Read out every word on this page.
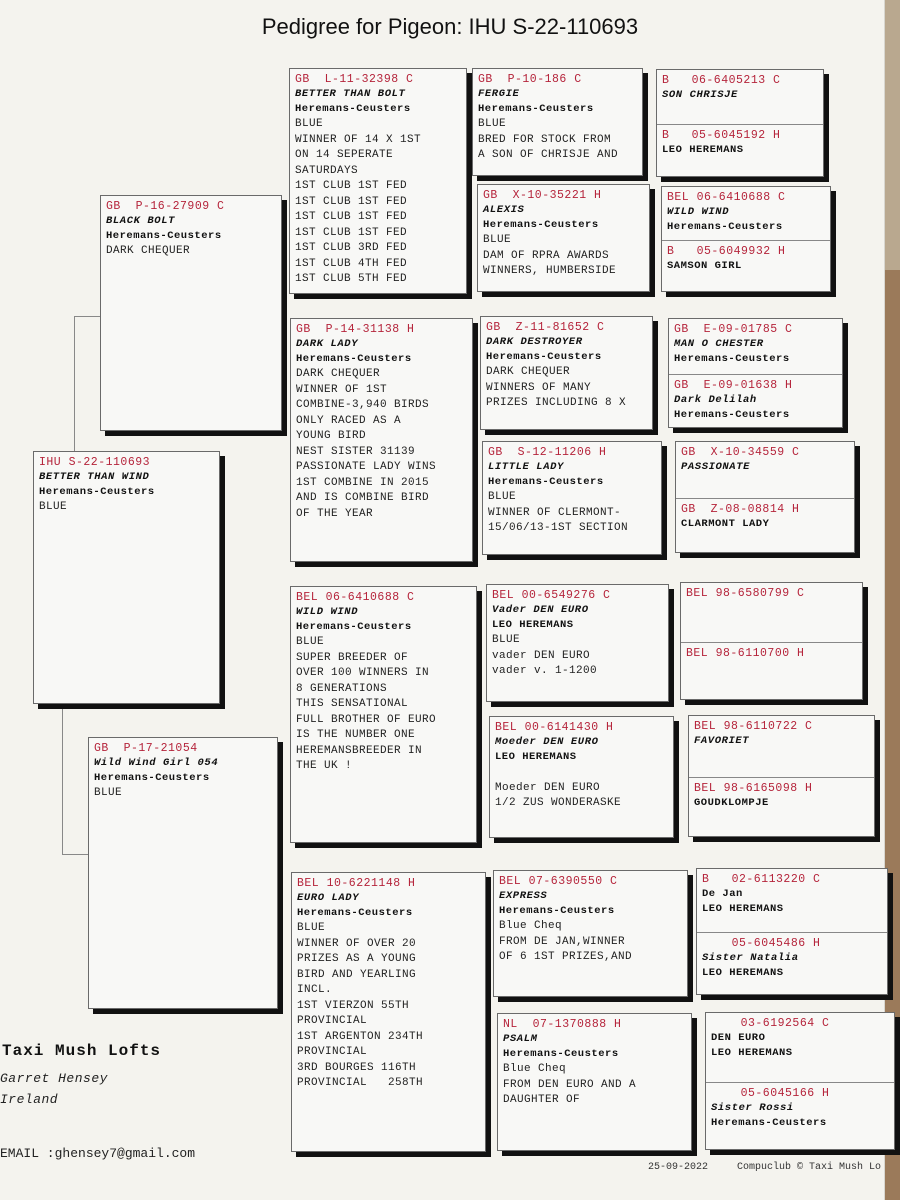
Pedigree for Pigeon: IHU S-22-110693
IHU S-22-110693
BETTER THAN WIND
Heremans-Ceusters
BLUE
GB  P-16-27909 C
BLACK BOLT
Heremans-Ceusters
DARK CHEQUER
GB  P-17-21054
Wild Wind Girl 054
Heremans-Ceusters
BLUE
GB  L-11-32398 C
BETTER THAN BOLT
Heremans-Ceusters
BLUE
WINNER OF 14 X 1ST
ON 14 SEPERATE
SATURDAYS
1ST CLUB 1ST FED
1ST CLUB 1ST FED
1ST CLUB 1ST FED
1ST CLUB 1ST FED
1ST CLUB 3RD FED
1ST CLUB 4TH FED
1ST CLUB 5TH FED
GB  P-14-31138 H
DARK LADY
Heremans-Ceusters
DARK CHEQUER
WINNER OF 1ST
COMBINE-3,940 BIRDS
ONLY RACED AS A
YOUNG BIRD
NEST SISTER 31139
PASSIONATE LADY WINS
1ST COMBINE IN 2015
AND IS COMBINE BIRD
OF THE YEAR
BEL 06-6410688 C
WILD WIND
Heremans-Ceusters
BLUE
SUPER BREEDER OF
OVER 100 WINNERS IN
8 GENERATIONS
THIS SENSATIONAL
FULL BROTHER OF EURO
IS THE NUMBER ONE
HEREMANSBREEDER IN
THE UK !
BEL 10-6221148 H
EURO LADY
Heremans-Ceusters
BLUE
WINNER OF OVER 20
PRIZES AS A YOUNG
BIRD AND YEARLING
INCL.
1ST VIERZON 55TH
PROVINCIAL
1ST ARGENTON 234TH
PROVINCIAL
3RD BOURGES 116TH
PROVINCIAL   258TH
GB  P-10-186 C
FERGIE
Heremans-Ceusters
BLUE
BRED FOR STOCK FROM
A SON OF CHRISJE AND
GB  X-10-35221 H
ALEXIS
Heremans-Ceusters
BLUE
DAM OF RPRA AWARDS
WINNERS, HUMBERSIDE
GB  Z-11-81652 C
DARK DESTROYER
Heremans-Ceusters
DARK CHEQUER
WINNERS OF MANY
PRIZES INCLUDING 8 X
GB  S-12-11206 H
LITTLE LADY
Heremans-Ceusters
BLUE
WINNER OF CLERMONT-
15/06/13-1ST SECTION
BEL 00-6549276 C
Vader DEN EURO
LEO HEREMANS
BLUE
vader DEN EURO
vader v. 1-1200
BEL 00-6141430 H
Moeder DEN EURO
LEO HEREMANS

Moeder DEN EURO
1/2 ZUS WONDERASKE
BEL 07-6390550 C
EXPRESS
Heremans-Ceusters
Blue Cheq
FROM DE JAN,WINNER
OF 6 1ST PRIZES,AND
NL  07-1370888 H
PSALM
Heremans-Ceusters
Blue Cheq
FROM DEN EURO AND A
DAUGHTER OF
B   06-6405213 C
SON CHRISJE
B   05-6045192 H
LEO HEREMANS
BEL 06-6410688 C
WILD WIND
Heremans-Ceusters
B   05-6049932 H
SAMSON GIRL
GB  E-09-01785 C
MAN O CHESTER
Heremans-Ceusters
GB  E-09-01638 H
Dark Delilah
Heremans-Ceusters
GB  X-10-34559 C
PASSIONATE
GB  Z-08-08814 H
CLARMONT LADY
BEL 98-6580799 C
BEL 98-6110700 H
BEL 98-6110722 C
FAVORIET
BEL 98-6165098 H
GOUDKLOMPJE
B   02-6113220 C
De Jan
LEO HEREMANS
05-6045486 H
Sister Natalia
LEO HEREMANS
03-6192564 C
DEN EURO
LEO HEREMANS
05-6045166 H
Sister Rossi
Heremans-Ceusters
Taxi Mush Lofts
Garret Hensey
Ireland
EMAIL :ghensey7@gmail.com
25-09-2022	Compuclub © Taxi Mush Lo
